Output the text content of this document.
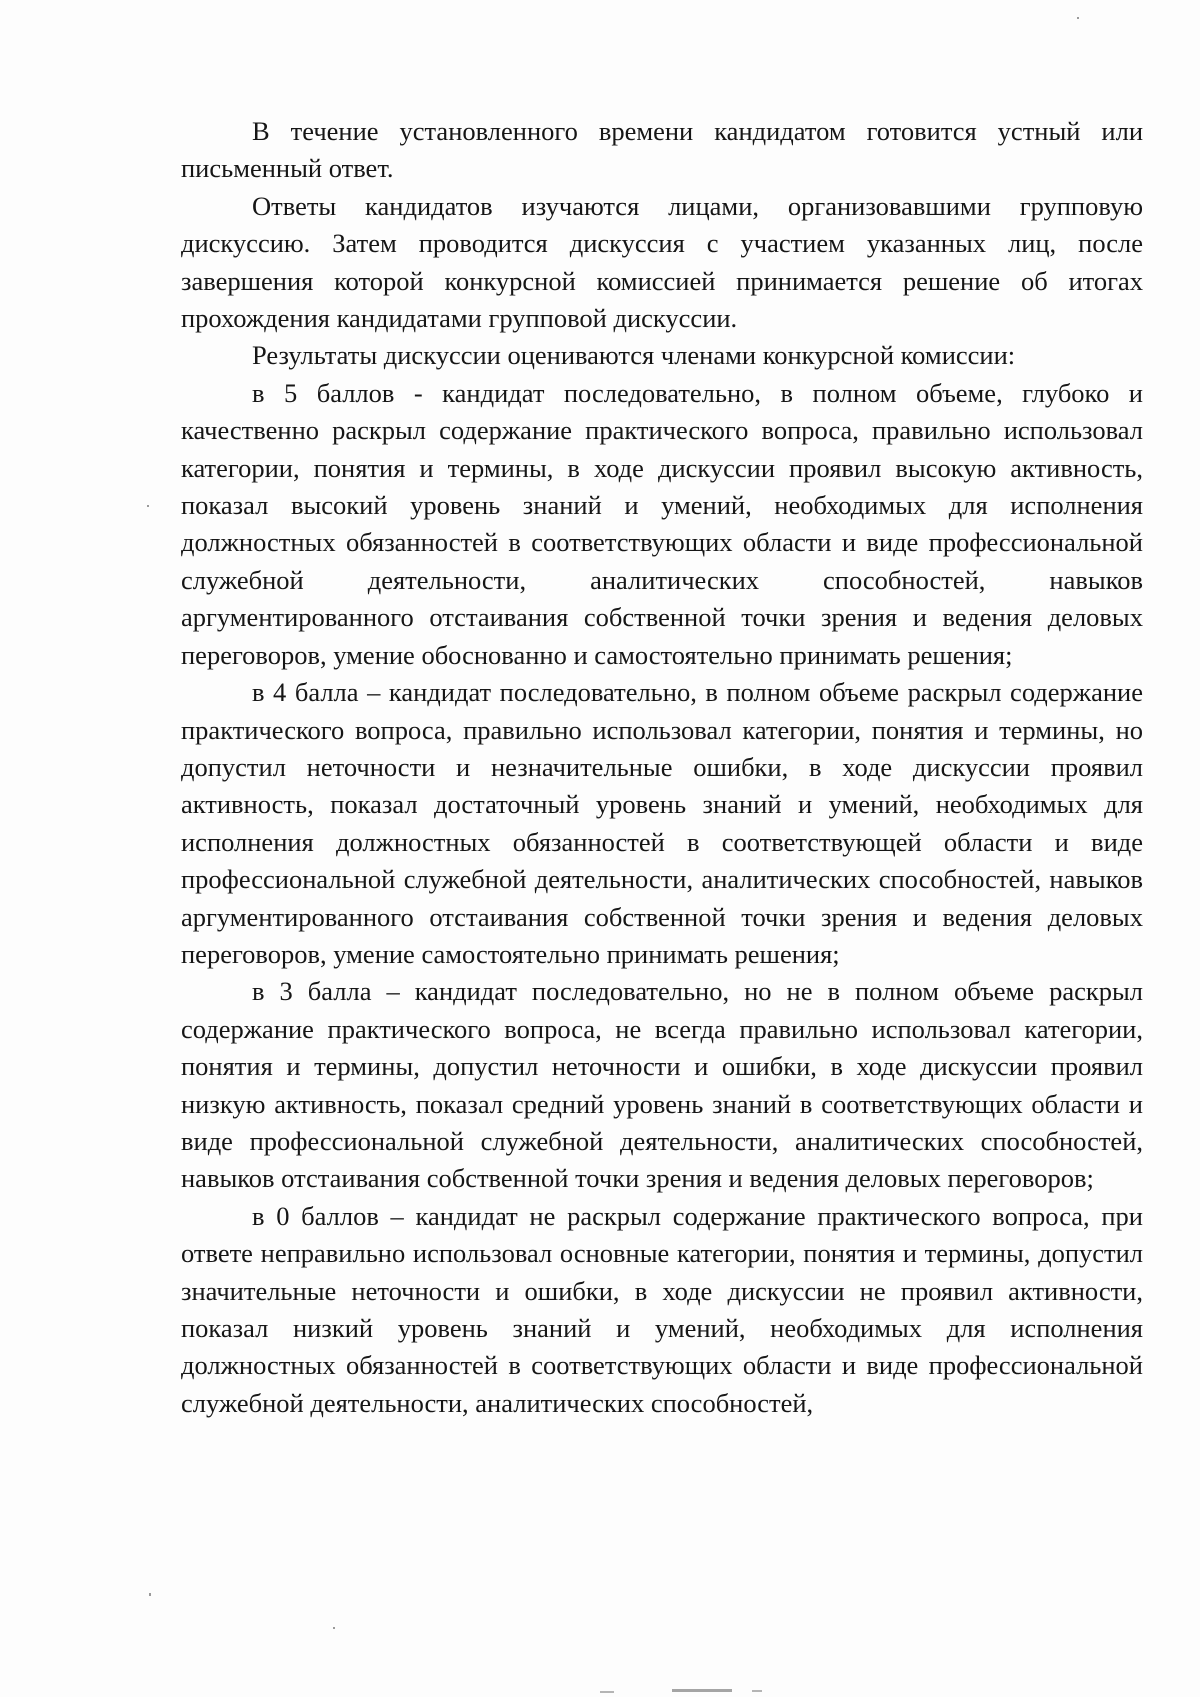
В течение установленного времени кандидатом готовится устный или письменный ответ.

Ответы кандидатов изучаются лицами, организовавшими групповую дискуссию. Затем проводится дискуссия с участием указанных лиц, после завершения которой конкурсной комиссией принимается решение об итогах прохождения кандидатами групповой дискуссии.

Результаты дискуссии оцениваются членами конкурсной комиссии:

в 5 баллов - кандидат последовательно, в полном объеме, глубоко и качественно раскрыл содержание практического вопроса, правильно использовал категории, понятия и термины, в ходе дискуссии проявил высокую активность, показал высокий уровень знаний и умений, необходимых для исполнения должностных обязанностей в соответствующих области и виде профессиональной служебной деятельности, аналитических способностей, навыков аргументированного отстаивания собственной точки зрения и ведения деловых переговоров, умение обоснованно и самостоятельно принимать решения;

в 4 балла – кандидат последовательно, в полном объеме раскрыл содержание практического вопроса, правильно использовал категории, понятия и термины, но допустил неточности и незначительные ошибки, в ходе дискуссии проявил активность, показал достаточный уровень знаний и умений, необходимых для исполнения должностных обязанностей в соответствующей области и виде профессиональной служебной деятельности, аналитических способностей, навыков аргументированного отстаивания собственной точки зрения и ведения деловых переговоров, умение самостоятельно принимать решения;

в 3 балла – кандидат последовательно, но не в полном объеме раскрыл содержание практического вопроса, не всегда правильно использовал категории, понятия и термины, допустил неточности и ошибки, в ходе дискуссии проявил низкую активность, показал средний уровень знаний в соответствующих области и виде профессиональной служебной деятельности, аналитических способностей, навыков отстаивания собственной точки зрения и ведения деловых переговоров;

в 0 баллов – кандидат не раскрыл содержание практического вопроса, при ответе неправильно использовал основные категории, понятия и термины, допустил значительные неточности и ошибки, в ходе дискуссии не проявил активности, показал низкий уровень знаний и умений, необходимых для исполнения должностных обязанностей в соответствующих области и виде профессиональной служебной деятельности, аналитических способностей,
